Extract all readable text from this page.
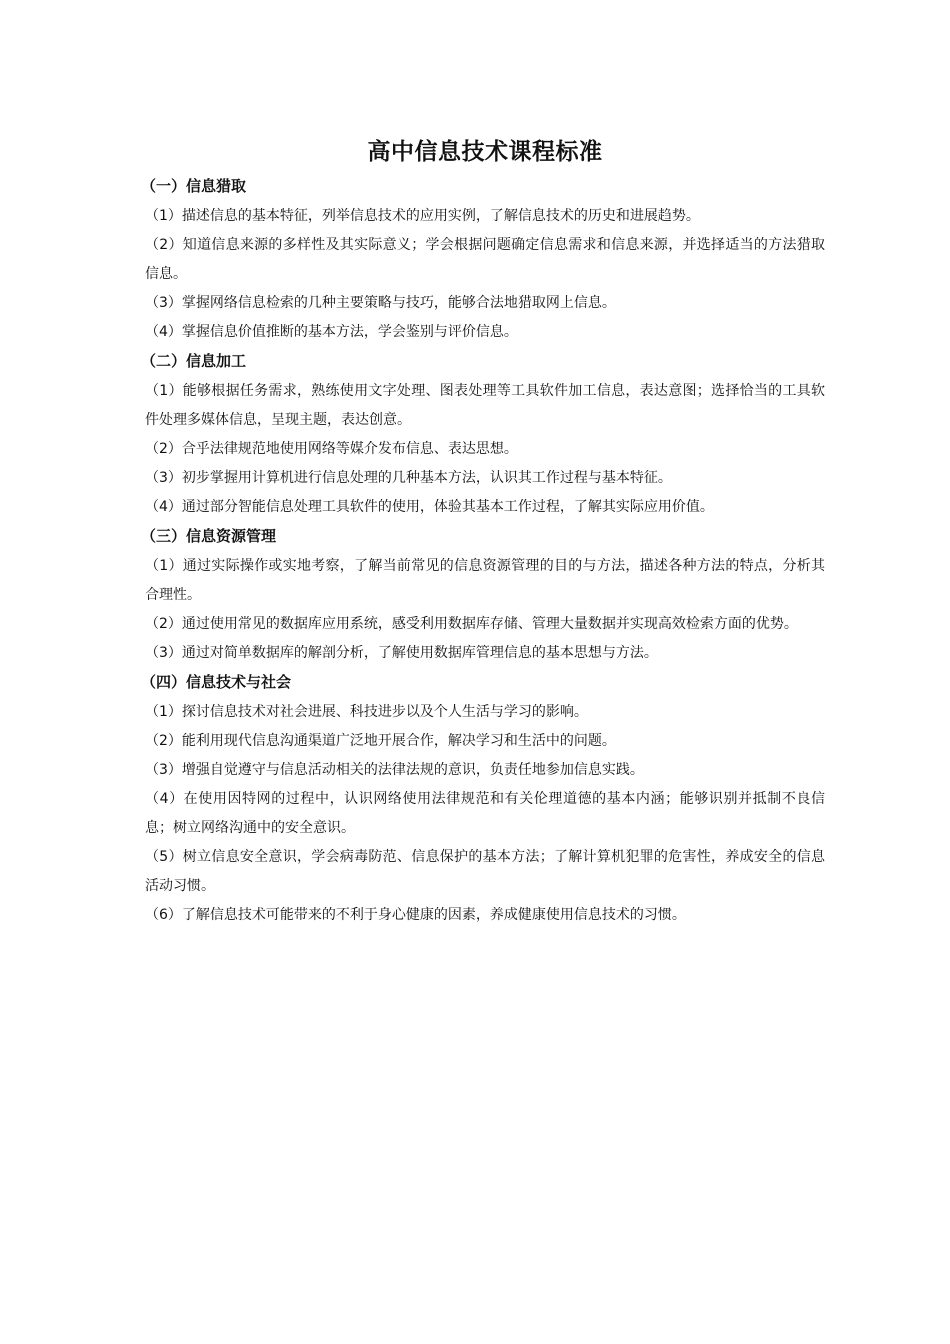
高中信息技术课程标准
（一）信息猎取

（1）描述信息的基本特征，列举信息技术的应用实例，了解信息技术的历史和进展趋势。

（2）知道信息来源的多样性及其实际意义；学会根据问题确定信息需求和信息来源，并选择适当的方法猎取信息。

（3）掌握网络信息检索的几种主要策略与技巧，能够合法地猎取网上信息。

（4）掌握信息价值推断的基本方法，学会鉴别与评价信息。

（二）信息加工

（1）能够根据任务需求，熟练使用文字处理、图表处理等工具软件加工信息，表达意图；选择恰当的工具软件处理多媒体信息，呈现主题，表达创意。

（2）合乎法律规范地使用网络等媒介发布信息、表达思想。

（3）初步掌握用计算机进行信息处理的几种基本方法，认识其工作过程与基本特征。

（4）通过部分智能信息处理工具软件的使用，体验其基本工作过程，了解其实际应用价值。

（三）信息资源管理

（1）通过实际操作或实地考察，了解当前常见的信息资源管理的目的与方法，描述各种方法的特点，分析其合理性。

（2）通过使用常见的数据库应用系统，感受利用数据库存储、管理大量数据并实现高效检索方面的优势。

（3）通过对简单数据库的解剖分析，了解使用数据库管理信息的基本思想与方法。

（四）信息技术与社会

（1）探讨信息技术对社会进展、科技进步以及个人生活与学习的影响。

（2）能利用现代信息沟通渠道广泛地开展合作，解决学习和生活中的问题。

（3）增强自觉遵守与信息活动相关的法律法规的意识，负责任地参加信息实践。

（4）在使用因特网的过程中，认识网络使用法律规范和有关伦理道德的基本内涵；能够识别并抵制不良信息；树立网络沟通中的安全意识。

（5）树立信息安全意识，学会病毒防范、信息保护的基本方法；了解计算机犯罪的危害性，养成安全的信息活动习惯。

（6）了解信息技术可能带来的不利于身心健康的因素，养成健康使用信息技术的习惯。
